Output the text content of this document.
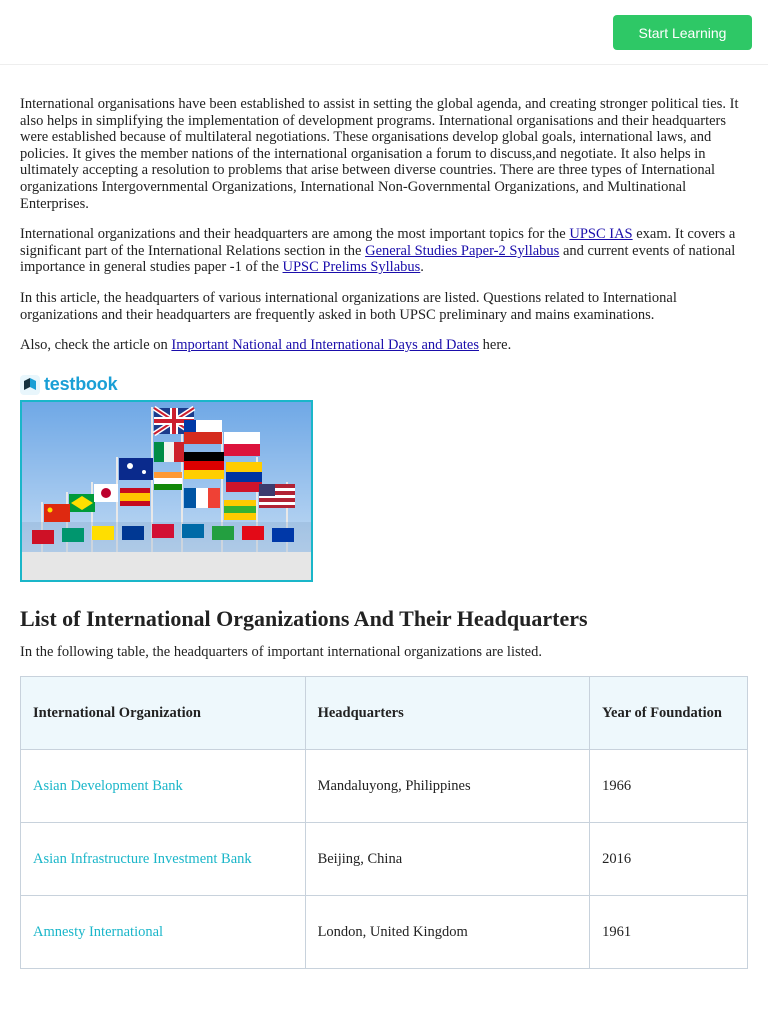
Start Learning

International organisations have been established to assist in setting the global agenda, and creating stronger political ties. It also helps in simplifying the implementation of development programs. International organisations and their headquarters were established because of multilateral negotiations. These organisations develop global goals, international laws, and policies. It gives the member nations of the international organisation a forum to discuss,and negotiate. It also helps in ultimately accepting a resolution to problems that arise between diverse countries. There are three types of International organizations Intergovernmental Organizations, International Non-Governmental Organizations, and Multinational Enterprises.

International organizations and their headquarters are among the most important topics for the UPSC IAS exam. It covers a significant part of the International Relations section in the General Studies Paper-2 Syllabus and current events of national importance in general studies paper -1 of the UPSC Prelims Syllabus.

In this article, the headquarters of various international organizations are listed. Questions related to International organizations and their headquarters are frequently asked in both UPSC preliminary and mains examinations.

Also, check the article on Important National and International Days and Dates here.

testbook
List of International Organizations And Their Headquarters

In the following table, the headquarters of important international organizations are listed.

International Organization	Headquarters	Year of Foundation
Asian Development Bank	Mandaluyong, Philippines	1966
Asian Infrastructure Investment Bank	Beijing, China	2016
Amnesty International	London, United Kingdom	1961
